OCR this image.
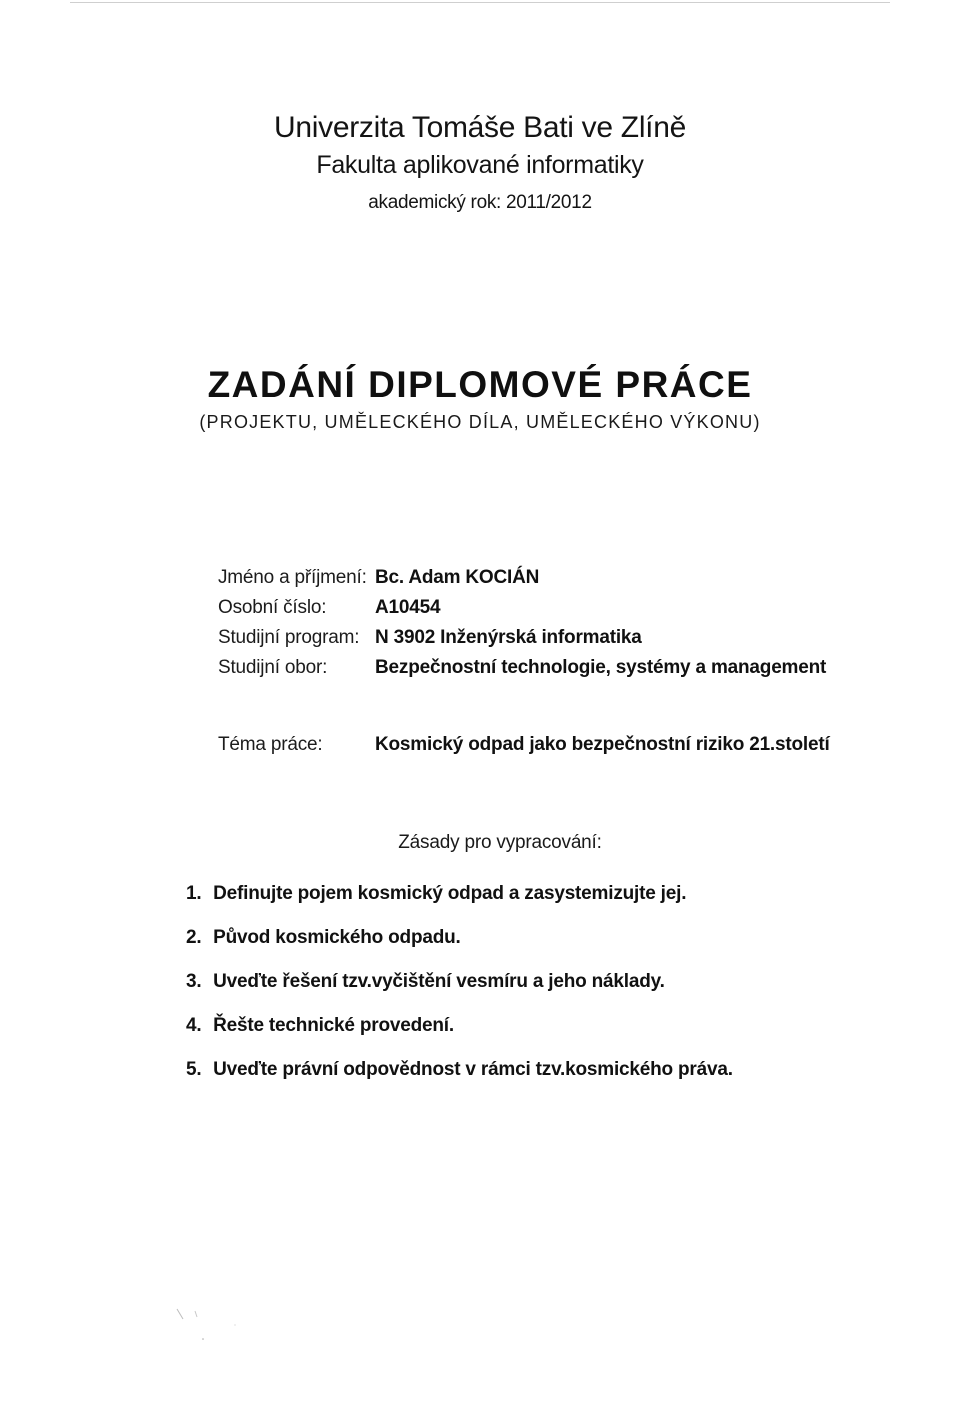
Univerzita Tomáše Bati ve Zlíně
Fakulta aplikované informatiky
akademický rok: 2011/2012
ZADÁNÍ DIPLOMOVÉ PRÁCE
(PROJEKTU, UMĚLECKÉHO DÍLA, UMĚLECKÉHO VÝKONU)
Jméno a příjmení: Bc. Adam KOCIÁN
Osobní číslo:	A10454
Studijní program: N 3902 Inženýrská informatika
Studijní obor:	Bezpečnostní technologie, systémy a management
Téma práce:	Kosmický odpad jako bezpečnostní riziko 21.století
Zásady pro vypracování:
1. Definujte pojem kosmický odpad a zasystemizujte jej.
2. Původ kosmického odpadu.
3. Uveďte řešení tzv.vyčištění vesmíru a jeho náklady.
4. Řešte technické provedení.
5. Uveďte právní odpovědnost v rámci tzv.kosmického práva.
